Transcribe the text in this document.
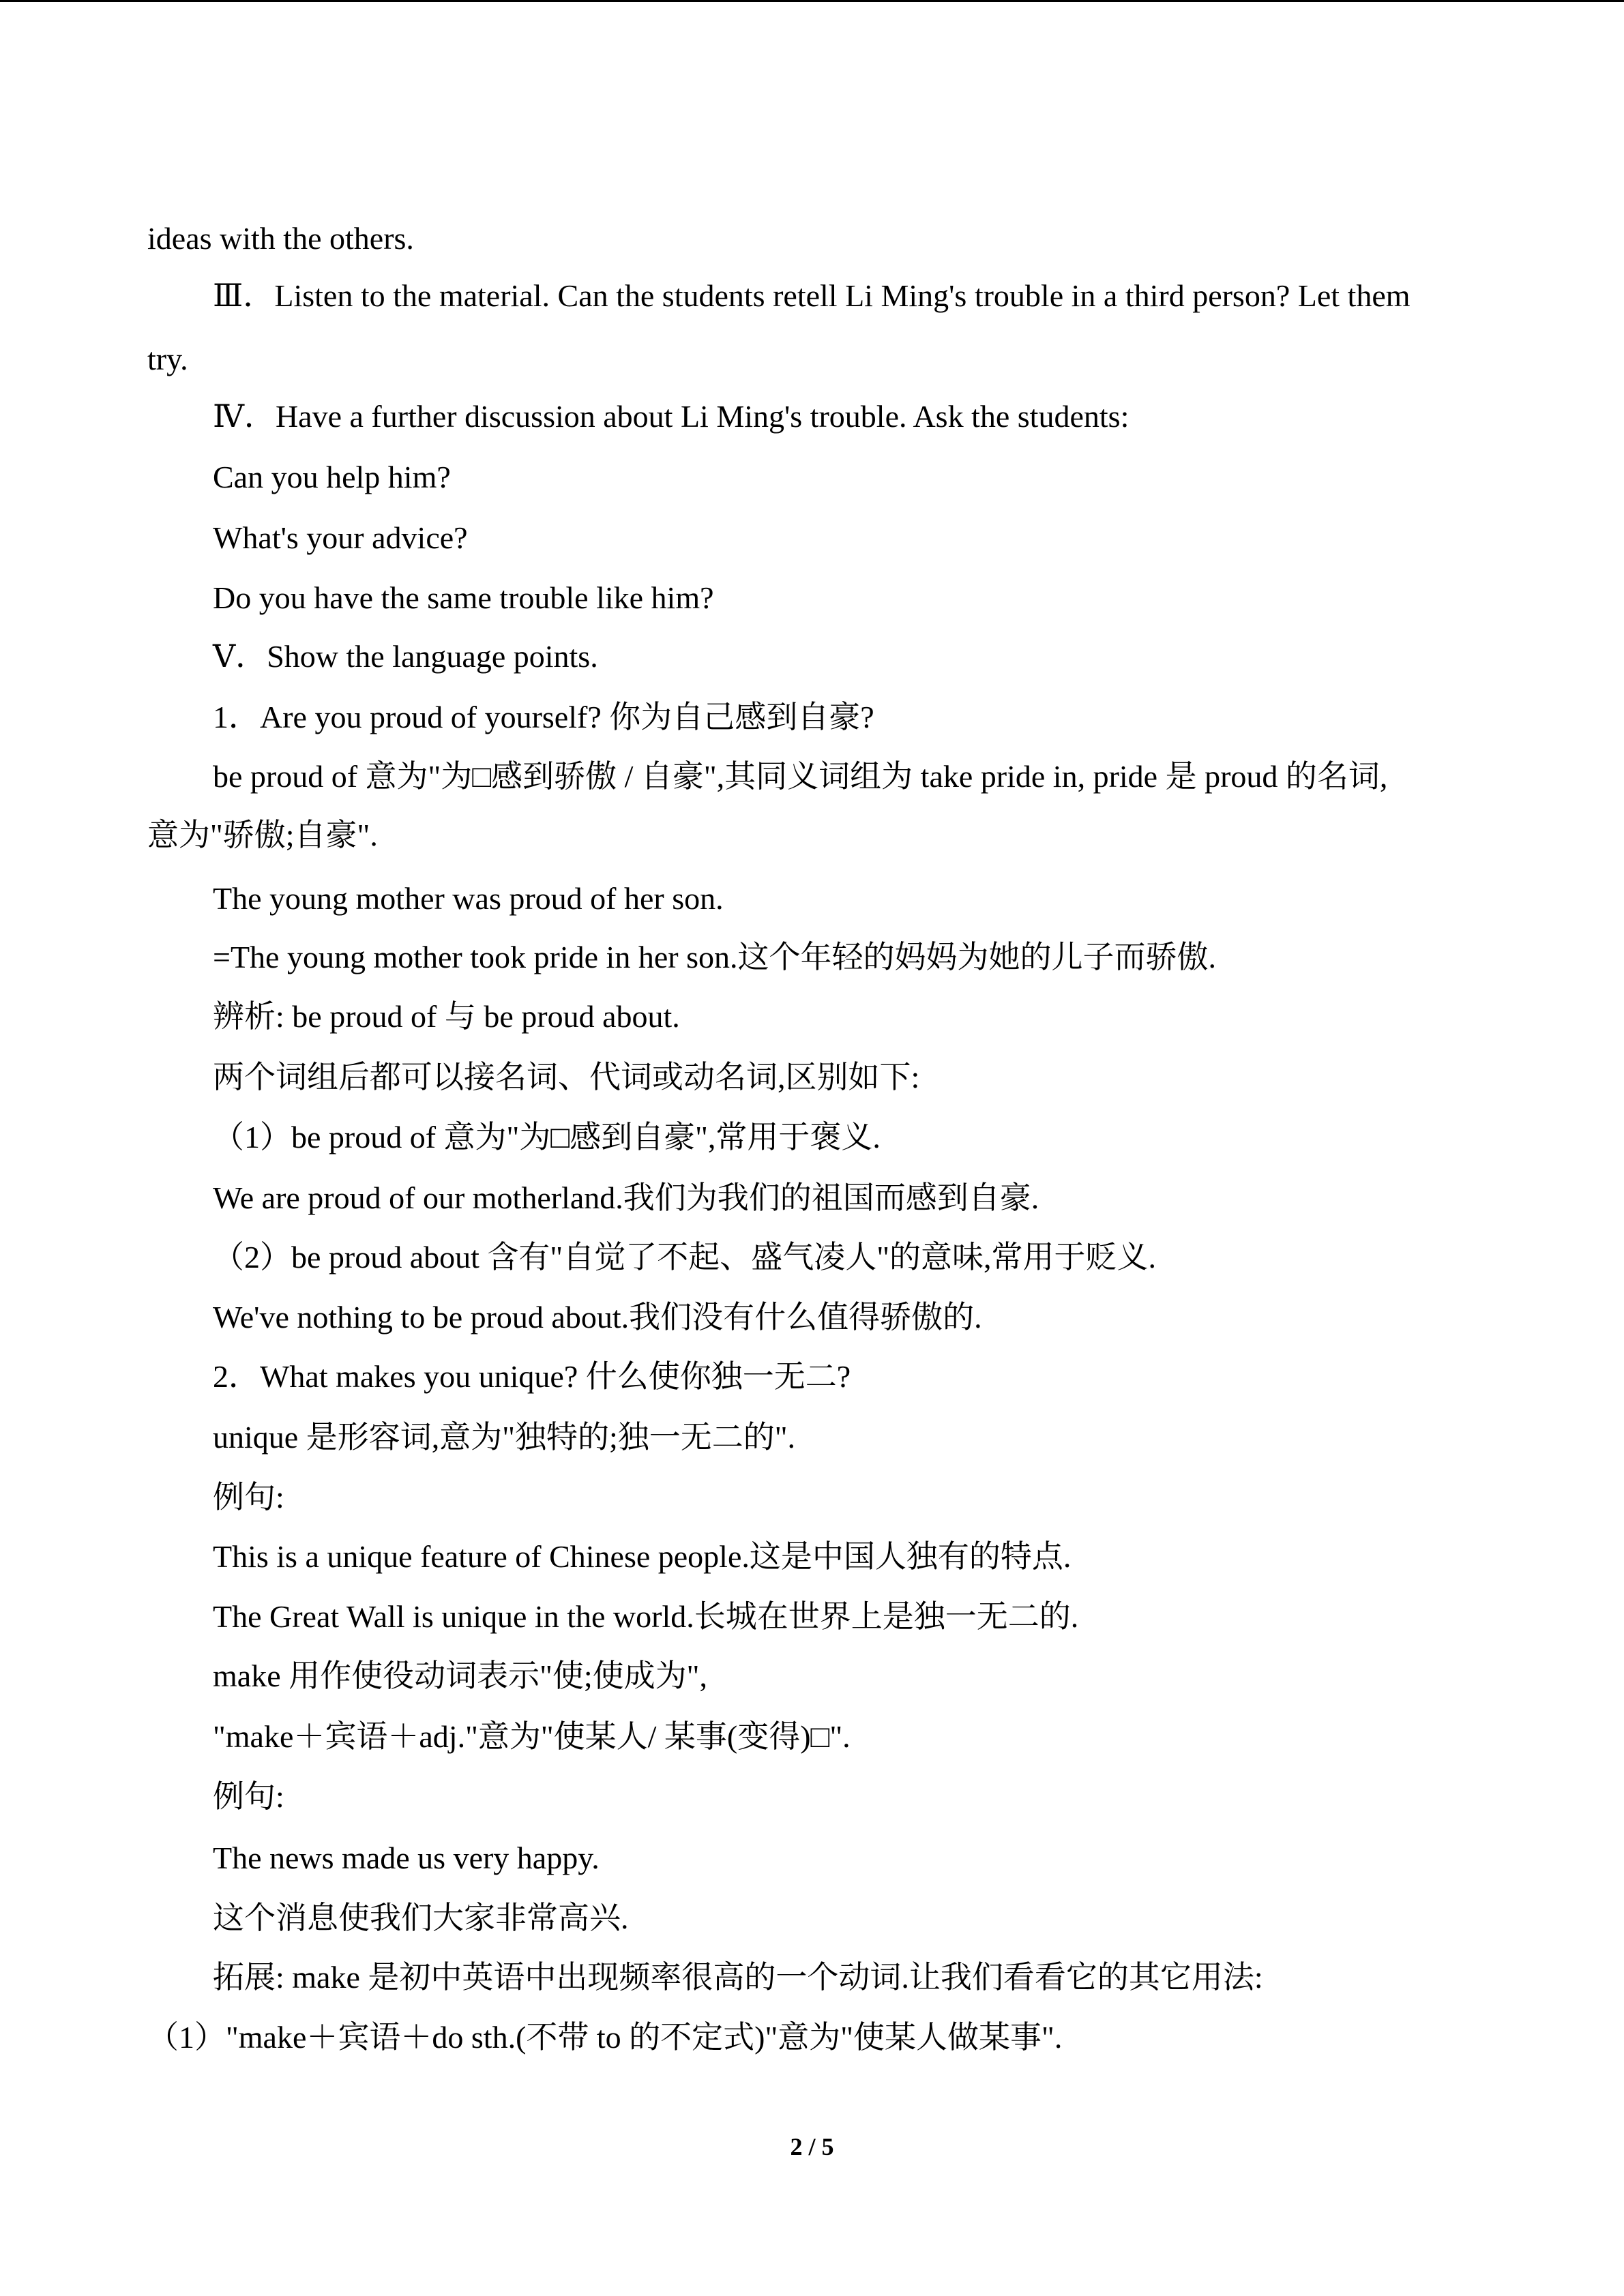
ideas with the others.
Ⅲ．Listen to the material. Can the students retell Li Ming's trouble in a third person? Let them
try.
Ⅳ．Have a further discussion about Li Ming's trouble. Ask the students:
Can you help him?
What's your advice?
Do you have the same trouble like him?
Ⅴ．Show the language points.
1．Are you proud of yourself? 你为自己感到自豪?
be proud of 意为"为□感到骄傲 / 自豪",其同义词组为 take pride in, pride 是 proud 的名词,
意为"骄傲;自豪".
The young mother was proud of her son.
=The young mother took pride in her son.这个年轻的妈妈为她的儿子而骄傲.
辨析: be proud of 与 be proud about.
两个词组后都可以接名词、代词或动名词,区别如下:
（1）be proud of 意为"为□感到自豪",常用于褒义.
We are proud of our motherland.我们为我们的祖国而感到自豪.
（2）be proud about 含有"自觉了不起、盛气凌人"的意味,常用于贬义.
We've nothing to be proud about.我们没有什么值得骄傲的.
2．What makes you unique? 什么使你独一无二?
unique 是形容词,意为"独特的;独一无二的".
例句:
This is a unique feature of Chinese people.这是中国人独有的特点.
The Great Wall is unique in the world.长城在世界上是独一无二的.
make 用作使役动词表示"使;使成为",
"make＋宾语＋adj."意为"使某人/ 某事(变得)□".
例句:
The news made us very happy.
这个消息使我们大家非常高兴.
拓展: make 是初中英语中出现频率很高的一个动词.让我们看看它的其它用法:
（1）"make＋宾语＋do sth.(不带 to 的不定式)"意为"使某人做某事".
2 / 5
